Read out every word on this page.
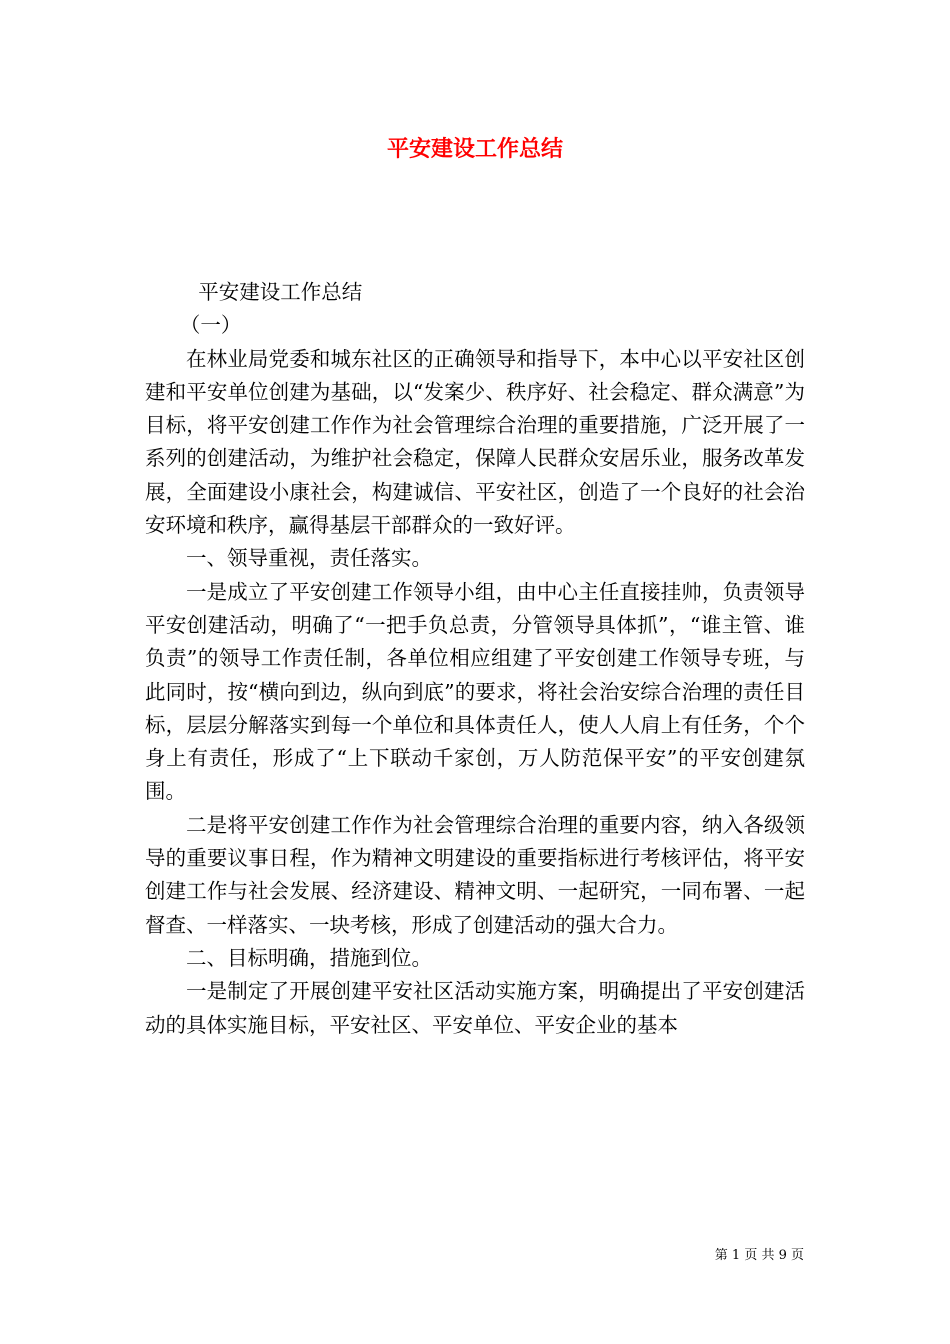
平安建设工作总结

平安建设工作总结

（一）

在林业局党委和城东社区的正确领导和指导下，本中心以平安社区创建和平安单位创建为基础，以“发案少、秩序好、社会稳定、群众满意”为目标，将平安创建工作作为社会管理综合治理的重要措施，广泛开展了一系列的创建活动，为维护社会稳定，保障人民群众安居乐业，服务改革发展，全面建设小康社会，构建诚信、平安社区，创造了一个良好的社会治安环境和秩序，赢得基层干部群众的一致好评。

一、领导重视，责任落实。

一是成立了平安创建工作领导小组，由中心主任直接挂帅，负责领导平安创建活动，明确了“一把手负总责，分管领导具体抓”，“谁主管、谁负责”的领导工作责任制，各单位相应组建了平安创建工作领导专班，与此同时，按“横向到边，纵向到底”的要求，将社会治安综合治理的责任目标，层层分解落实到每一个单位和具体责任人，使人人肩上有任务，个个身上有责任，形成了“上下联动千家创，万人防范保平安”的平安创建氛围。

二是将平安创建工作作为社会管理综合治理的重要内容，纳入各级领导的重要议事日程，作为精神文明建设的重要指标进行考核评估，将平安创建工作与社会发展、经济建设、精神文明、一起研究，一同布署、一起督查、一样落实、一块考核，形成了创建活动的强大合力。

二、目标明确，措施到位。

一是制定了开展创建平安社区活动实施方案，明确提出了平安创建活动的具体实施目标，平安社区、平安单位、平安企业的基本

第 1 页 共 9 页
